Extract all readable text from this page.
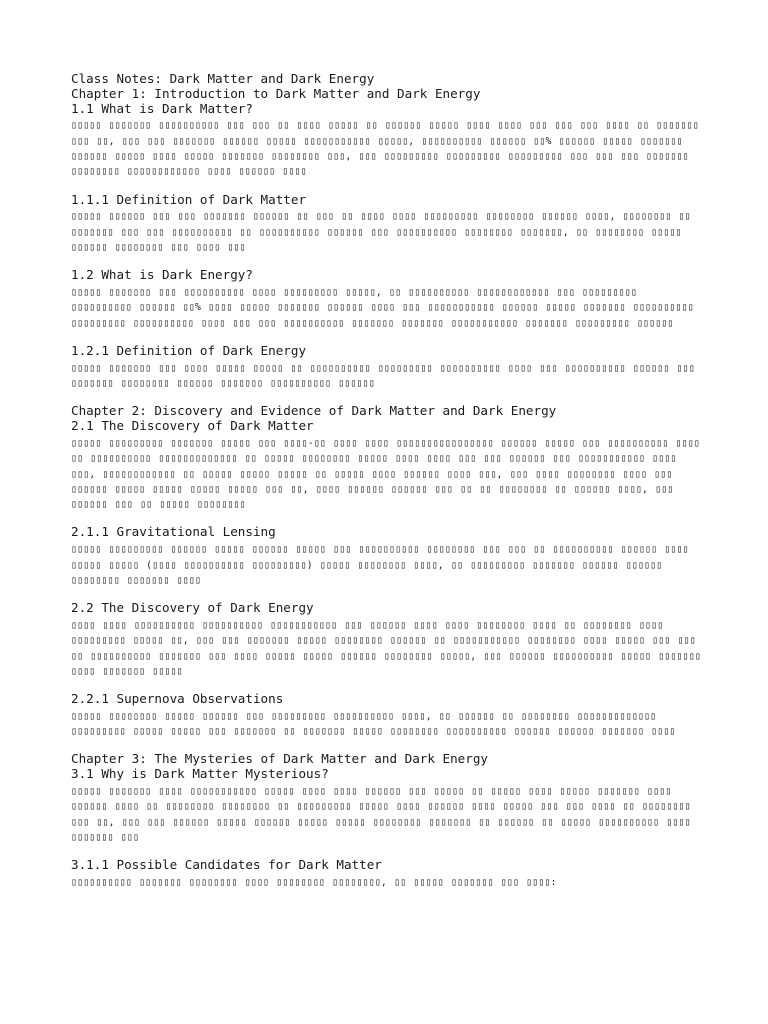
Class Notes: Dark Matter and Dark Energy
Chapter 1: Introduction to Dark Matter and Dark Energy
1.1 What is Dark Matter?

▯▯▯▯▯ ▯▯▯▯▯▯▯ ▯▯▯▯▯▯▯▯▯▯ ▯▯▯ ▯▯▯ ▯▯ ▯▯▯▯ ▯▯▯▯▯ ▯▯ ▯▯▯▯▯▯ ▯▯▯▯▯ ▯▯▯▯ ▯▯▯▯ ▯▯▯ ▯▯▯ ▯▯▯ ▯▯▯▯ ▯▯ ▯▯▯▯▯▯▯ ▯▯▯ ▯▯, ▯▯▯ ▯▯▯ ▯▯▯▯▯▯▯ ▯▯▯▯▯▯ ▯▯▯▯▯ ▯▯▯▯▯▯▯▯▯▯▯ ▯▯▯▯▯, ▯▯▯▯▯▯▯▯▯▯ ▯▯▯▯▯▯ ▯▯% ▯▯▯▯▯▯ ▯▯▯▯▯ ▯▯▯▯▯▯▯ ▯▯▯▯▯▯ ▯▯▯▯▯ ▯▯▯▯ ▯▯▯▯▯ ▯▯▯▯▯▯▯ ▯▯▯▯▯▯▯▯ ▯▯▯, ▯▯▯ ▯▯▯▯▯▯▯▯▯ ▯▯▯▯▯▯▯▯▯ ▯▯▯▯▯▯▯▯▯ ▯▯▯ ▯▯▯ ▯▯▯ ▯▯▯▯▯▯▯ ▯▯▯▯▯▯▯▯ ▯▯▯▯▯▯▯▯▯▯▯▯ ▯▯▯▯ ▯▯▯▯▯▯ ▯▯▯▯

1.1.1 Definition of Dark Matter

▯▯▯▯▯ ▯▯▯▯▯▯ ▯▯▯ ▯▯▯ ▯▯▯▯▯▯▯ ▯▯▯▯▯▯ ▯▯ ▯▯▯ ▯▯ ▯▯▯▯ ▯▯▯▯ ▯▯▯▯▯▯▯▯▯ ▯▯▯▯▯▯▯▯ ▯▯▯▯▯▯ ▯▯▯▯, ▯▯▯▯▯▯▯▯ ▯▯ ▯▯▯▯▯▯▯ ▯▯▯ ▯▯▯ ▯▯▯▯▯▯▯▯▯▯ ▯▯ ▯▯▯▯▯▯▯▯▯▯ ▯▯▯▯▯▯ ▯▯▯ ▯▯▯▯▯▯▯▯▯▯ ▯▯▯▯▯▯▯▯ ▯▯▯▯▯▯▯, ▯▯ ▯▯▯▯▯▯▯▯ ▯▯▯▯▯ ▯▯▯▯▯▯ ▯▯▯▯▯▯▯▯ ▯▯▯ ▯▯▯▯ ▯▯▯

1.2 What is Dark Energy?

▯▯▯▯▯ ▯▯▯▯▯▯▯ ▯▯▯ ▯▯▯▯▯▯▯▯▯▯ ▯▯▯▯ ▯▯▯▯▯▯▯▯▯ ▯▯▯▯▯, ▯▯ ▯▯▯▯▯▯▯▯▯▯ ▯▯▯▯▯▯▯▯▯▯▯▯ ▯▯▯ ▯▯▯▯▯▯▯▯▯ ▯▯▯▯▯▯▯▯▯▯ ▯▯▯▯▯▯ ▯▯% ▯▯▯▯ ▯▯▯▯▯ ▯▯▯▯▯▯▯ ▯▯▯▯▯▯ ▯▯▯▯ ▯▯▯ ▯▯▯▯▯▯▯▯▯▯▯ ▯▯▯▯▯▯ ▯▯▯▯▯ ▯▯▯▯▯▯▯ ▯▯▯▯▯▯▯▯▯▯ ▯▯▯▯▯▯▯▯▯ ▯▯▯▯▯▯▯▯▯▯ ▯▯▯▯ ▯▯▯ ▯▯▯ ▯▯▯▯▯▯▯▯▯▯ ▯▯▯▯▯▯▯ ▯▯▯▯▯▯▯ ▯▯▯▯▯▯▯▯▯▯▯ ▯▯▯▯▯▯▯ ▯▯▯▯▯▯▯▯▯ ▯▯▯▯▯▯

1.2.1 Definition of Dark Energy

▯▯▯▯▯ ▯▯▯▯▯▯▯ ▯▯▯ ▯▯▯▯ ▯▯▯▯▯ ▯▯▯▯▯ ▯▯ ▯▯▯▯▯▯▯▯▯▯ ▯▯▯▯▯▯▯▯▯ ▯▯▯▯▯▯▯▯▯▯ ▯▯▯▯ ▯▯▯ ▯▯▯▯▯▯▯▯▯▯ ▯▯▯▯▯▯ ▯▯▯ ▯▯▯▯▯▯▯ ▯▯▯▯▯▯▯▯ ▯▯▯▯▯▯ ▯▯▯▯▯▯▯ ▯▯▯▯▯▯▯▯▯▯ ▯▯▯▯▯▯

Chapter 2: Discovery and Evidence of Dark Matter and Dark Energy
2.1 The Discovery of Dark Matter

▯▯▯▯▯ ▯▯▯▯▯▯▯▯▯ ▯▯▯▯▯▯▯ ▯▯▯▯▯ ▯▯▯ ▯▯▯▯-▯▯ ▯▯▯▯ ▯▯▯▯ ▯▯▯▯▯▯▯▯▯▯▯▯▯▯▯▯ ▯▯▯▯▯▯ ▯▯▯▯▯ ▯▯▯ ▯▯▯▯▯▯▯▯▯▯ ▯▯▯▯ ▯▯ ▯▯▯▯▯▯▯▯▯▯ ▯▯▯▯▯▯▯▯▯▯▯▯▯ ▯▯ ▯▯▯▯▯ ▯▯▯▯▯▯▯▯ ▯▯▯▯▯ ▯▯▯▯ ▯▯▯▯ ▯▯▯ ▯▯▯ ▯▯▯▯▯▯ ▯▯▯ ▯▯▯▯▯▯▯▯▯▯▯ ▯▯▯▯ ▯▯▯, ▯▯▯▯▯▯▯▯▯▯▯▯ ▯▯ ▯▯▯▯▯ ▯▯▯▯▯ ▯▯▯▯▯ ▯▯ ▯▯▯▯▯ ▯▯▯▯ ▯▯▯▯▯▯ ▯▯▯▯ ▯▯▯, ▯▯▯ ▯▯▯▯ ▯▯▯▯▯▯▯▯ ▯▯▯▯ ▯▯▯ ▯▯▯▯▯▯ ▯▯▯▯▯ ▯▯▯▯▯ ▯▯▯▯▯ ▯▯▯▯▯ ▯▯▯ ▯▯, ▯▯▯▯ ▯▯▯▯▯▯ ▯▯▯▯▯▯ ▯▯▯ ▯▯ ▯▯ ▯▯▯▯▯▯▯▯ ▯▯ ▯▯▯▯▯▯ ▯▯▯▯, ▯▯▯ ▯▯▯▯▯▯ ▯▯▯ ▯▯ ▯▯▯▯▯ ▯▯▯▯▯▯▯▯

2.1.1 Gravitational Lensing

▯▯▯▯▯ ▯▯▯▯▯▯▯▯▯ ▯▯▯▯▯▯ ▯▯▯▯▯ ▯▯▯▯▯▯ ▯▯▯▯▯ ▯▯▯ ▯▯▯▯▯▯▯▯▯▯ ▯▯▯▯▯▯▯▯ ▯▯▯ ▯▯▯ ▯▯ ▯▯▯▯▯▯▯▯▯▯ ▯▯▯▯▯▯ ▯▯▯▯ ▯▯▯▯▯ ▯▯▯▯▯ (▯▯▯▯ ▯▯▯▯▯▯▯▯▯▯ ▯▯▯▯▯▯▯▯▯) ▯▯▯▯▯ ▯▯▯▯▯▯▯▯ ▯▯▯▯, ▯▯ ▯▯▯▯▯▯▯▯▯ ▯▯▯▯▯▯▯ ▯▯▯▯▯▯ ▯▯▯▯▯▯ ▯▯▯▯▯▯▯▯ ▯▯▯▯▯▯▯ ▯▯▯▯

2.2 The Discovery of Dark Energy

▯▯▯▯ ▯▯▯▯ ▯▯▯▯▯▯▯▯▯▯ ▯▯▯▯▯▯▯▯▯▯ ▯▯▯▯▯▯▯▯▯▯▯ ▯▯▯ ▯▯▯▯▯▯ ▯▯▯▯ ▯▯▯▯ ▯▯▯▯▯▯▯▯ ▯▯▯▯ ▯▯ ▯▯▯▯▯▯▯▯ ▯▯▯▯ ▯▯▯▯▯▯▯▯▯ ▯▯▯▯▯ ▯▯, ▯▯▯ ▯▯▯ ▯▯▯▯▯▯▯ ▯▯▯▯▯ ▯▯▯▯▯▯▯▯ ▯▯▯▯▯▯ ▯▯ ▯▯▯▯▯▯▯▯▯▯▯ ▯▯▯▯▯▯▯▯ ▯▯▯▯ ▯▯▯▯▯ ▯▯▯ ▯▯▯ ▯▯ ▯▯▯▯▯▯▯▯▯▯ ▯▯▯▯▯▯▯ ▯▯▯ ▯▯▯▯ ▯▯▯▯▯ ▯▯▯▯▯ ▯▯▯▯▯▯ ▯▯▯▯▯▯▯▯ ▯▯▯▯▯, ▯▯▯ ▯▯▯▯▯▯ ▯▯▯▯▯▯▯▯▯▯ ▯▯▯▯▯ ▯▯▯▯▯▯▯ ▯▯▯▯ ▯▯▯▯▯▯▯ ▯▯▯▯▯

2.2.1 Supernova Observations

▯▯▯▯▯ ▯▯▯▯▯▯▯▯ ▯▯▯▯▯ ▯▯▯▯▯▯ ▯▯▯ ▯▯▯▯▯▯▯▯▯ ▯▯▯▯▯▯▯▯▯▯ ▯▯▯▯, ▯▯ ▯▯▯▯▯▯ ▯▯ ▯▯▯▯▯▯▯▯ ▯▯▯▯▯▯▯▯▯▯▯▯▯ ▯▯▯▯▯▯▯▯▯ ▯▯▯▯▯ ▯▯▯▯▯ ▯▯▯ ▯▯▯▯▯▯▯ ▯▯ ▯▯▯▯▯▯▯ ▯▯▯▯▯ ▯▯▯▯▯▯▯▯ ▯▯▯▯▯▯▯▯▯▯ ▯▯▯▯▯▯ ▯▯▯▯▯▯ ▯▯▯▯▯▯▯ ▯▯▯▯

Chapter 3: The Mysteries of Dark Matter and Dark Energy
3.1 Why is Dark Matter Mysterious?

▯▯▯▯▯ ▯▯▯▯▯▯▯ ▯▯▯▯ ▯▯▯▯▯▯▯▯▯▯▯ ▯▯▯▯▯ ▯▯▯▯ ▯▯▯▯ ▯▯▯▯▯▯ ▯▯▯ ▯▯▯▯▯ ▯▯ ▯▯▯▯▯ ▯▯▯▯ ▯▯▯▯▯ ▯▯▯▯▯▯▯ ▯▯▯▯ ▯▯▯▯▯▯ ▯▯▯▯ ▯▯ ▯▯▯▯▯▯▯▯ ▯▯▯▯▯▯▯▯ ▯▯ ▯▯▯▯▯▯▯▯▯ ▯▯▯▯▯ ▯▯▯▯ ▯▯▯▯▯▯ ▯▯▯▯ ▯▯▯▯▯ ▯▯▯ ▯▯▯ ▯▯▯▯ ▯▯ ▯▯▯▯▯▯▯▯ ▯▯▯ ▯▯, ▯▯▯ ▯▯▯ ▯▯▯▯▯▯ ▯▯▯▯▯ ▯▯▯▯▯▯ ▯▯▯▯▯ ▯▯▯▯▯ ▯▯▯▯▯▯▯▯ ▯▯▯▯▯▯▯ ▯▯ ▯▯▯▯▯▯ ▯▯ ▯▯▯▯▯ ▯▯▯▯▯▯▯▯▯▯ ▯▯▯▯ ▯▯▯▯▯▯▯ ▯▯▯

3.1.1 Possible Candidates for Dark Matter

▯▯▯▯▯▯▯▯▯▯ ▯▯▯▯▯▯▯ ▯▯▯▯▯▯▯▯ ▯▯▯▯ ▯▯▯▯▯▯▯▯ ▯▯▯▯▯▯▯▯, ▯▯ ▯▯▯▯▯ ▯▯▯▯▯▯▯ ▯▯▯ ▯▯▯▯:
